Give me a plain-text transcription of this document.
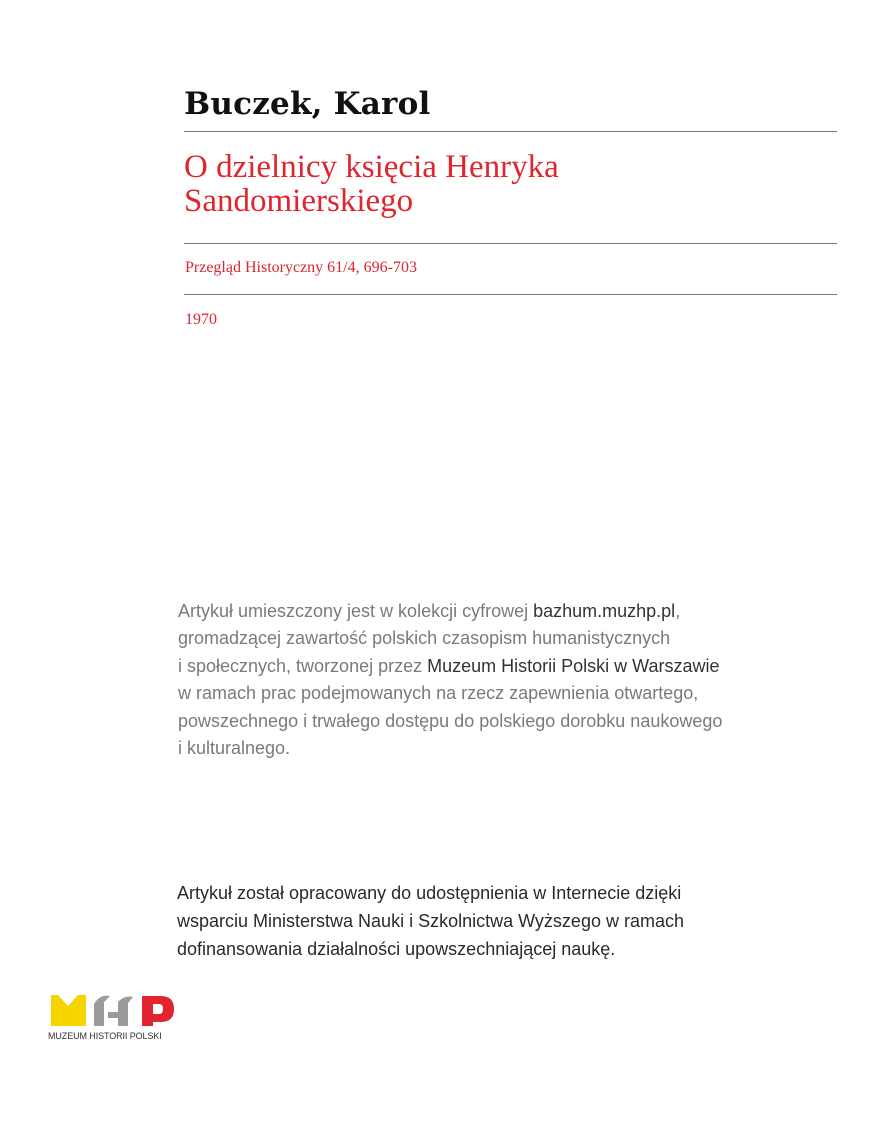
Buczek, Karol
O dzielnicy księcia Henryka
Sandomierskiego
Przegląd Historyczny 61/4, 696-703
1970
Artykuł umieszczony jest w kolekcji cyfrowej bazhum.muzhp.pl,
gromadzącej zawartość polskich czasopism humanistycznych
i społecznych, tworzonej przez Muzeum Historii Polski w Warszawie
w ramach prac podejmowanych na rzecz zapewnienia otwartego,
powszechnego i trwałego dostępu do polskiego dorobku naukowego
i kulturalnego.
Artykuł został opracowany do udostępnienia w Internecie dzięki
wsparciu Ministerstwa Nauki i Szkolnictwa Wyższego w ramach
dofinansowania działalności upowszechniającej naukę.
MUZEUM HISTORII POLSKI
